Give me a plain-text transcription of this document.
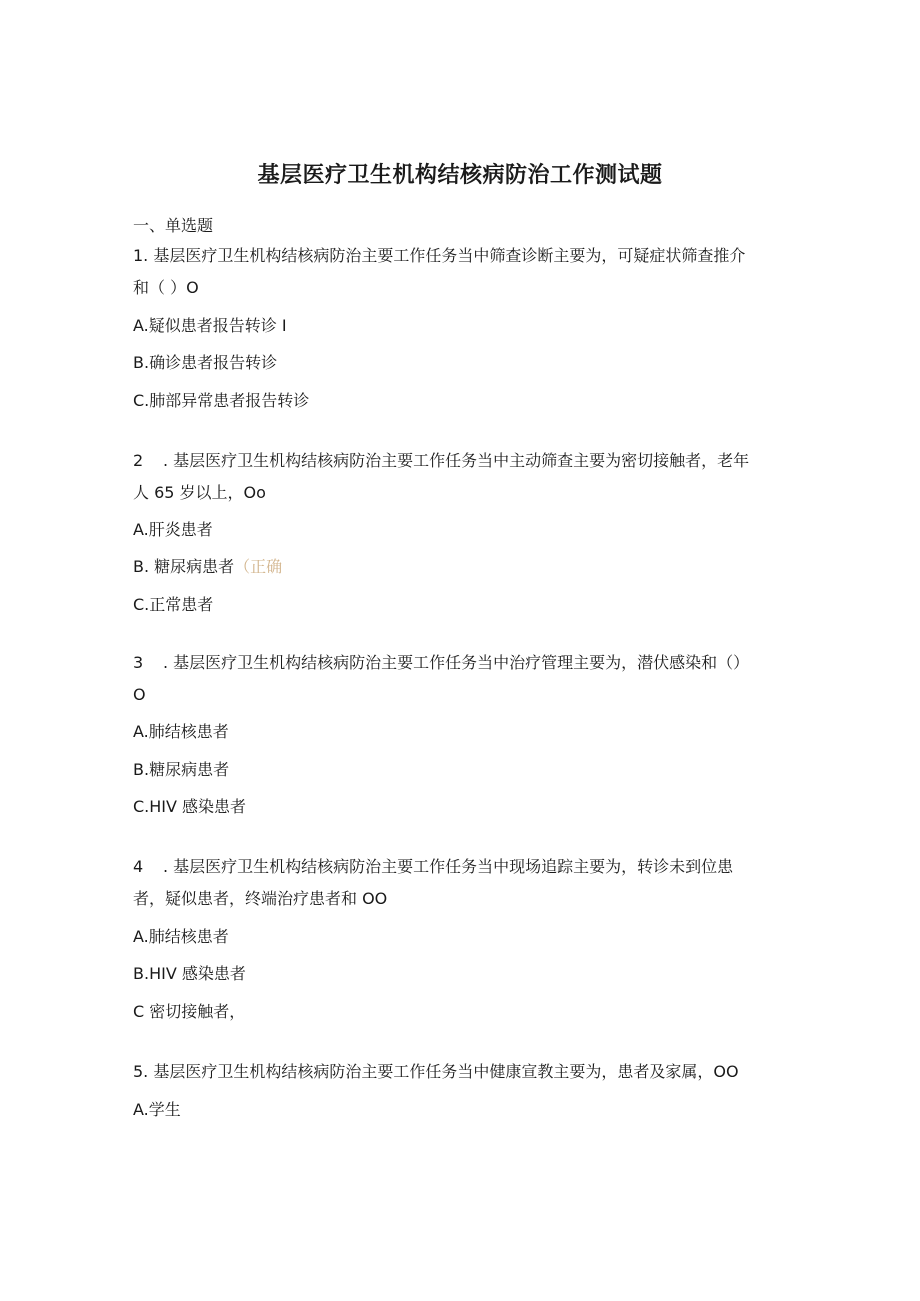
基层医疗卫生机构结核病防治工作测试题
一、单选题
1. 基层医疗卫生机构结核病防治主要工作任务当中筛查诊断主要为，可疑症状筛查推介
和（ ）O
A.疑似患者报告转诊 I
B.确诊患者报告转诊
C.肺部异常患者报告转诊
2 . 基层医疗卫生机构结核病防治主要工作任务当中主动筛查主要为密切接触者，老年
人 65 岁以上，Oo
A.肝炎患者
B. 糖尿病患者（正确
C.正常患者
3 . 基层医疗卫生机构结核病防治主要工作任务当中治疗管理主要为，潜伏感染和（）
O
A.肺结核患者
B.糖尿病患者
C.HIV 感染患者
4 . 基层医疗卫生机构结核病防治主要工作任务当中现场追踪主要为，转诊未到位患
者，疑似患者，终端治疗患者和 OO
A.肺结核患者
B.HIV 感染患者
C 密切接触者，
5. 基层医疗卫生机构结核病防治主要工作任务当中健康宣教主要为，患者及家属，OO
A.学生
